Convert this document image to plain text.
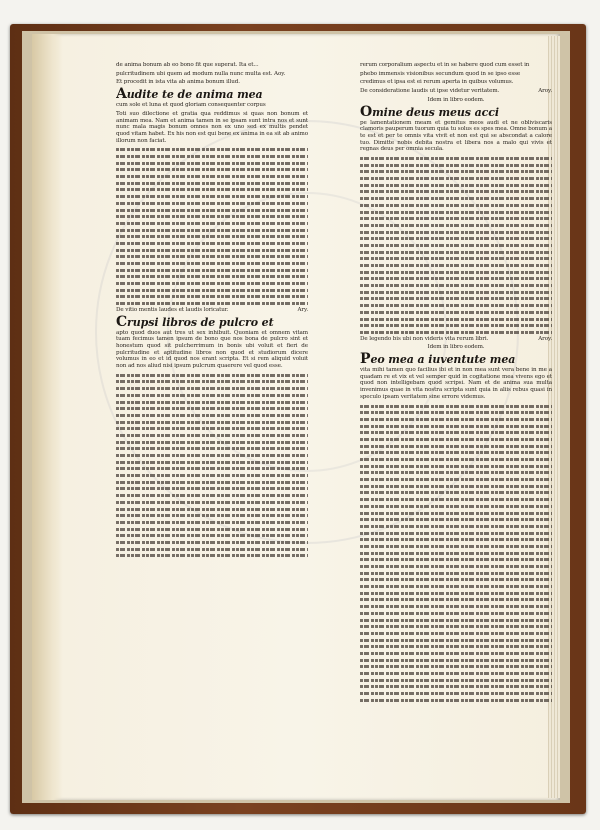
de anima bonum ab eo bono fit que superat. Ita et...

pulcritudinem ubi quem ad modum nulla nunc multa est. Aoy.

Et procedit in ista vita ab anima bonum illud.

Audite te de anima mea

cum sole et luna et quod gloriam consequenter corpus

Toti suo dilectione et gratia qua reddimus si quas non bonum et animam mea. Nam et anima tamen in se ipsam sunt intra nos et sunt nunc mala magis bonum omnes non ex uno sed ex multis pendet quod vitam habet. Ex his non est qui bene ex anima in ea sit ab animo illorum non faciat.

De vitio mentis laudes et laudis loricatur.	Ary.

Crupsi libros de pulcro et

apto quod duos aut tres ut sex inhibuit. Quoniam et omnem vitam tuam fecimus tamen ipsum de bono que nos bona de pulcro sint et honestum quod sit pulcherrimum in bonis ubi voluit et fieri de pulcritudine et aptitudine libros non quod et studiorum dicere volumus in eo et id quod nos erant scripta. Et si rem aliquid voluit non ad nos aliud nisi ipsum pulcrum quaerere vel quod esse.

rerum corporalium aspectu et in se habere quod cum esset in

phebo immensis visionibus secundum quod in se ipso esse

credimus et ipsa est ei rerum aperta in quibus volumus.

De consideratione laudis ut ipse videtur veritatem.	Aroy.

Idem in libro eodem.

Omine deus meus acci

pe lamentationem meam et gemitus meos audi et ne obliviscaris clamoris pauperum tuorum quia tu solus es spes mea. Omne bonum a te est et per te omnis vita vivit et non est qui se abscondat a calore tuo. Dimitte nobis debita nostra et libera nos a malo qui vivis et regnas deus per omnia secula.

De legendo bis ubi non videris vita rerum libri.	Aroy.

Idem in libro eodem.

Peo mea a iuventute mea

vita mihi tamen quo facilius ibi et in non mea sunt vera bene in me a quadam re et vix et vel semper quid in cogitatione mea vivens ego et quod non intelligebam quod scripsi. Nam et de anima sua multa invenimus quae in vita nostra scripta sunt quia in aliis rebus quasi in speculo ipsam veritatem sine errore videmus.
